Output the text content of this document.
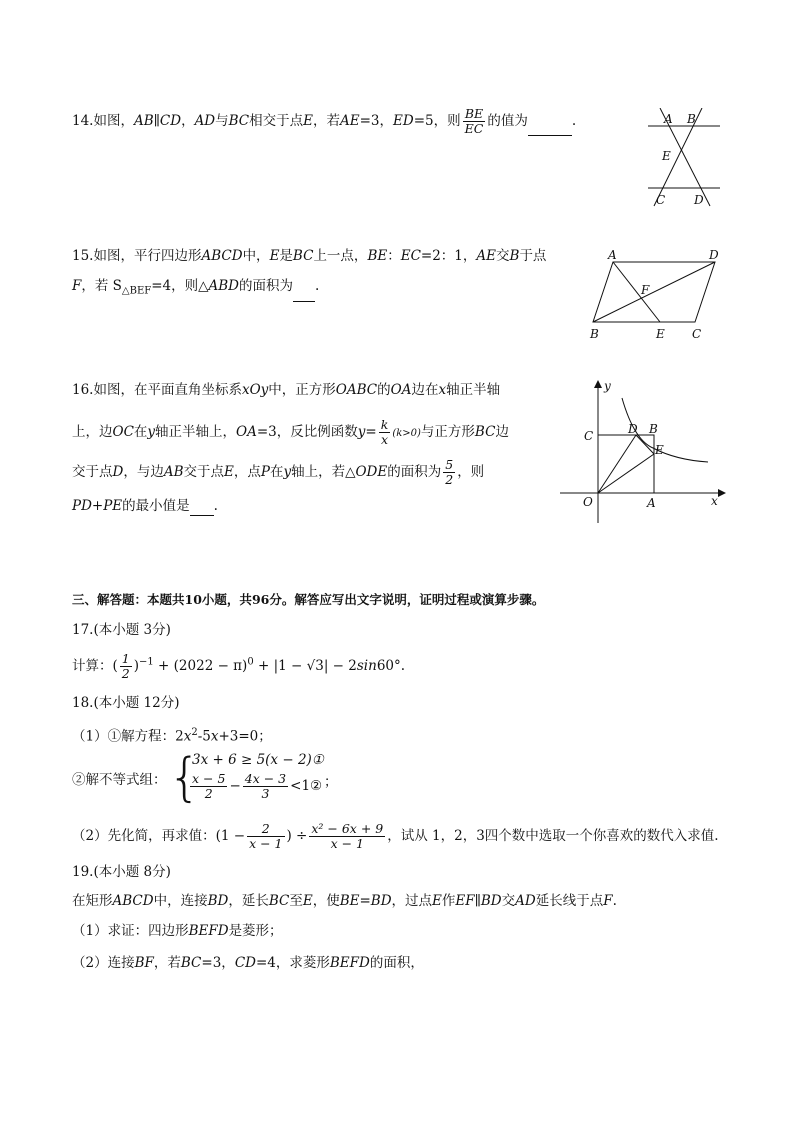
14.如图，AB∥CD，AD与BC相交于点E，若AE=3，ED=5，则 $\frac{BE}{EC}$ 的值为	.	A B
E
C D
15.如图，平行四边形ABCD中，E是BC上一点，BE：EC=2：1，AE交B于点
F，若 $S_{\triangle BEF}=4$，则△ABD的面积为 .
A	D
F
B	E C
16.如图，在平面直角坐标系xOy中，正方形OABC的OA边在x轴正半轴
上，边OC在y轴正半轴上，OA=3，反比例函数$y= \frac{k}{x} (k>0)$与正方形BC边
交于点D，与边AB交于点E，点P在y轴上，若△ODE的面积为 $\frac{5}{2}$ ，则
PD+PE的最小值是 .
y
C	D B
E
O	A	x
三、解答题：本题共10小题，共96分。解答应写出文字说明，证明过程或演算步骤。
17.(本小题 3分)
计算：( $\frac{1}{2} )^{-1} + (2022 - \pi)^0 + |1 - √3| - 2\sin 60^\circ$.
18.(本小题 12分)
（1）①解方程：$2x^2-5x+3=0$；
②解不等式组： {
3x + 6 ≥ 5(x − 2)①
$\frac{x - 5}{2} - \frac{4x - 3}{3}$ <1② ；
（2）先化简，再求值：($1 - \frac{2}{x - 1}$ ) ÷ $\frac{\text{x² − 6x + 9}}{x - 1}$ ，试从 1，2，3四个数中选取一个你喜欢的数代入求值.
19.(本小题 8分)
在矩形ABCD中，连接BD，延长BC至E，使BE=BD，过点E作EF∥BD交AD延长线于点F.
（1）求证：四边形BEFD是菱形；
（2）连接BF，若BC=3，CD=4，求菱形BEFD的面积，
